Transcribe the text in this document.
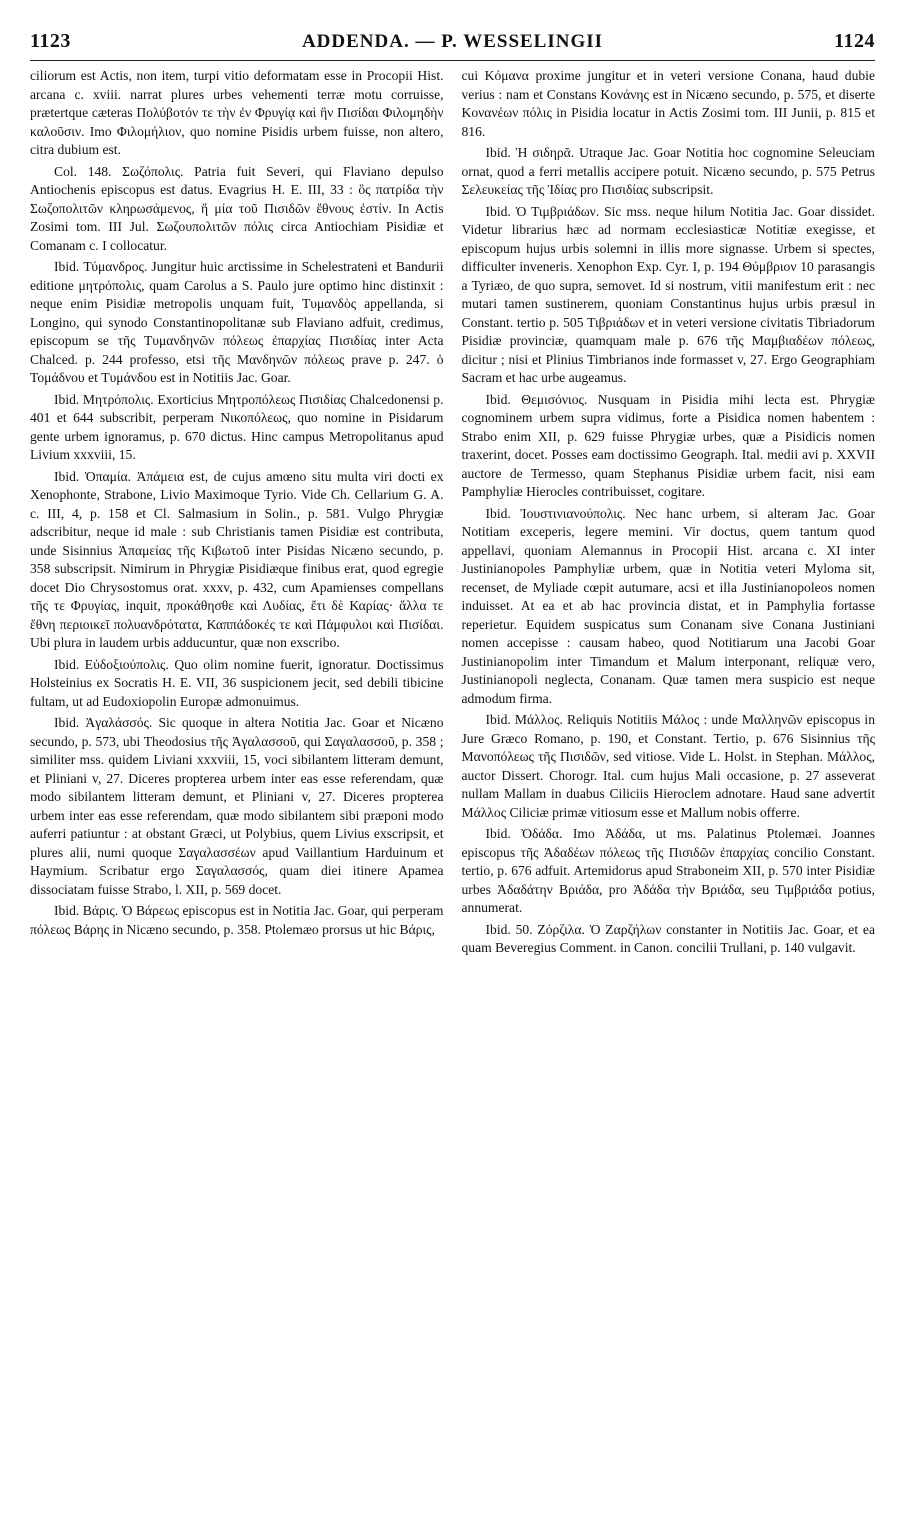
1123	ADDENDA. — P. WESSELINGII	1124

ciliorum est Actis, non item, turpi vitio deformatam esse in Procopii Hist. arcana c. xviii. narrat plures urbes vehementi terræ motu corruisse, prætertque cæteras Πολύβοτόν τε τὴν ἐν Φρυγίᾳ καὶ ἣν Πισίδαι Φιλομηδὴν καλοῦσιν. Imo Φιλομήλιον, quo nomine Pisidis urbem fuisse, non altero, citra dubium est.

Col. 148. Σωζόπολις. Patria fuit Severi, qui Flaviano depulso Antiochenis episcopus est datus. Evagrius H. E. III, 33 : ὃς πατρίδα τὴν Σωζοπολιτῶν κληρωσάμενος, ἥ μία τοῦ Πισιδῶν ἔθνους ἐστίν. In Actis Zosimi tom. III Jul. Σωζουπολιτῶν πόλις circa Antiochiam Pisidiæ et Comanam c. I collocatur.

Ibid. Τύμανδρος. Jungitur huic arctissime in Schelestrateni et Bandurii editione μητρόπολις, quam Carolus a S. Paulo jure optimo hinc distinxit : neque enim Pisidiæ metropolis unquam fuit, Τυμανδὸς appellanda, si Longino, qui synodo Constantinopolitanæ sub Flaviano adfuit, credimus, episcopum se τῆς Τυμανδηνῶν πόλεως ἐπαρχίας Πισιδίας inter Acta Chalced. p. 244 professo, etsi τῆς Μανδηνῶν πόλεως prave p. 247. ὁ Τομάδνου et Τυμάνδου est in Notitiis Jac. Goar.

Ibid. Μητρόπολις. Exorticius Μητροπόλεως Πισιδίας Chalcedonensi p. 401 et 644 subscribit, perperam Νικοπόλεως, quo nomine in Pisidarum gente urbem ignoramus, p. 670 dictus. Hinc campus Metropolitanus apud Livium xxxviii, 15.

Ibid. Ὀπαμία. Ἀπάμεια est, de cujus amœno situ multa viri docti ex Xenophonte, Strabone, Livio Maximoque Tyrio. Vide Ch. Cellarium G. A. c. III, 4, p. 158 et Cl. Salmasium in Solin., p. 581. Vulgo Phrygiæ adscribitur, neque id male : sub Christianis tamen Pisidiæ est contributa, unde Sisinnius Ἀπαμείας τῆς Κιβωτοῦ inter Pisidas Nicæno secundo, p. 358 subscripsit. Nimirum in Phrygiæ Pisidiæque finibus erat, quod egregie docet Dio Chrysostomus orat. xxxv, p. 432, cum Apamienses compellans τῆς τε Φρυγίας, inquit, προκάθησθε καὶ Λυδίας, ἔτι δὲ Καρίας· ἄλλα τε ἔθνη περιοικεῖ πολυανδρότατα, Καππάδοκές τε καὶ Πάμφυλοι καὶ Πισίδαι. Ubi plura in laudem urbis adducuntur, quæ non exscribo.

Ibid. Εὐδοξιούπολις. Quo olim nomine fuerit, ignoratur. Doctissimus Holsteinius ex Socratis H. E. VII, 36 suspicionem jecit, sed debili tibicine fultam, ut ad Eudoxiopolin Europæ admonuimus.

Ibid. Ἀγαλάσσός. Sic quoque in altera Notitia Jac. Goar et Nicæno secundo, p. 573, ubi Theodosius τῆς Ἀγαλασσοῦ, qui Σαγαλασσοῦ, p. 358 ; similiter mss. quidem Liviani xxxviii, 15, voci sibilantem litteram demunt, et Pliniani v, 27. Diceres propterea urbem inter eas esse referendam, quæ modo sibilantem litteram demunt, et Pliniani v, 27. Diceres propterea urbem inter eas esse referendam, quæ modo sibilantem sibi præponi modo auferri patiuntur : at obstant Græci, ut Polybius, quem Livius exscripsit, et plures alii, numi quoque Σαγαλασσέων apud Vaillantium Harduinum et Haymium. Scribatur ergo Σαγαλασσός, quam diei itinere Apamea dissociatam fuisse Strabo, l. XII, p. 569 docet.

Ibid. Βάρις. Ὁ Βάρεως episcopus est in Notitia Jac. Goar, qui perperam πόλεως Βάρης in Nicæno secundo, p. 358. Ptolemæo prorsus ut hic Βάρις,

cui Κόμανα proxime jungitur et in veteri versione Conana, haud dubie verius : nam et Constans Κονάνης est in Nicæno secundo, p. 575, et diserte Κονανέων πόλις in Pisidia locatur in Actis Zosimi tom. III Junii, p. 815 et 816.

Ibid. Ἡ σιδηρᾶ. Utraque Jac. Goar Notitia hoc cognomine Seleuciam ornat, quod a ferri metallis accipere potuit. Nicæno secundo, p. 575 Petrus Σελευκείας τῆς Ἰδίας pro Πισιδίας subscripsit.

Ibid. Ὁ Τιμβριάδων. Sic mss. neque hilum Notitia Jac. Goar dissidet. Videtur librarius hæc ad normam ecclesiasticæ Notitiæ exegisse, et episcopum hujus urbis solemni in illis more signasse. Urbem si spectes, difficulter inveneris. Xenophon Exp. Cyr. I, p. 194 Θύμβριον 10 parasangis a Tyriæo, de quo supra, semovet. Id si nostrum, vitii manifestum erit : nec mutari tamen sustinerem, quoniam Constantinus hujus urbis præsul in Constant. tertio p. 505 Τιβριάδων et in veteri versione civitatis Tibriadorum Pisidiæ provinciæ, quamquam male p. 676 τῆς Μαμβιαδέων πόλεως, dicitur ; nisi et Plinius Timbrianos inde formasset v, 27. Ergo Geographiam Sacram et hac urbe augeamus.

Ibid. Θεμισόνιος. Nusquam in Pisidia mihi lecta est. Phrygiæ cognominem urbem supra vidimus, forte a Pisidica nomen habentem : Strabo enim XII, p. 629 fuisse Phrygiæ urbes, quæ a Pisidicis nomen traxerint, docet. Posses eam doctissimo Geograph. Ital. medii avi p. XXVII auctore de Termesso, quam Stephanus Pisidiæ urbem facit, nisi eam Pamphyliæ Hierocles contribuisset, cogitare.

Ibid. Ἰουστινιανούπολις. Nec hanc urbem, si alteram Jac. Goar Notitiam exceperis, legere memini. Vir doctus, quem tantum quod appellavi, quoniam Alemannus in Procopii Hist. arcana c. XI inter Justinianopoles Pamphyliæ urbem, quæ in Notitia veteri Myloma sit, recenset, de Myliade cœpit autumare, acsi et illa Justinianopoleos nomen induisset. At ea et ab hac provincia distat, et in Pamphylia fortasse reperietur. Equidem suspicatus sum Conanam sive Conana Justiniani nomen accepisse : causam habeo, quod Notitiarum una Jacobi Goar Justinianopolim inter Timandum et Malum interponant, reliquæ vero, Justinianopoli neglecta, Conanam. Quæ tamen mera suspicio est neque admodum firma.

Ibid. Μάλλος. Reliquis Notitiis Μάλος : unde Μαλληνῶν episcopus in Jure Græco Romano, p. 190, et Constant. Tertio, p. 676 Sisinnius τῆς Μανοπόλεως τῆς Πισιδῶν, sed vitiose. Vide L. Holst. in Stephan. Μάλλος, auctor Dissert. Chorogr. Ital. cum hujus Mali occasione, p. 27 asseverat nullam Mallam in duabus Ciliciis Hieroclem adnotare. Haud sane advertit Μάλλος Ciliciæ primæ vitiosum esse et Mallum nobis offerre.

Ibid. Ὀδάδα. Imo Ἀδάδα, ut ms. Palatinus Ptolemæi. Joannes episcopus τῆς Ἀδαδέων πόλεως τῆς Πισιδῶν ἐπαρχίας concilio Constant. tertio, p. 676 adfuit. Artemidorus apud Straboneim XII, p. 570 inter Pisidiæ urbes Ἀδαδάτην Βριάδα, pro Ἀδάδα τὴν Βριάδα, seu Τιμβριάδα potius, annumerat.

Ibid. 50. Ζόρζιλα. Ὁ Ζαρζήλων constanter in Notitiis Jac. Goar, et ea quam Beveregius Comment. in Canon. concilii Trullani, p. 140 vulgavit.
